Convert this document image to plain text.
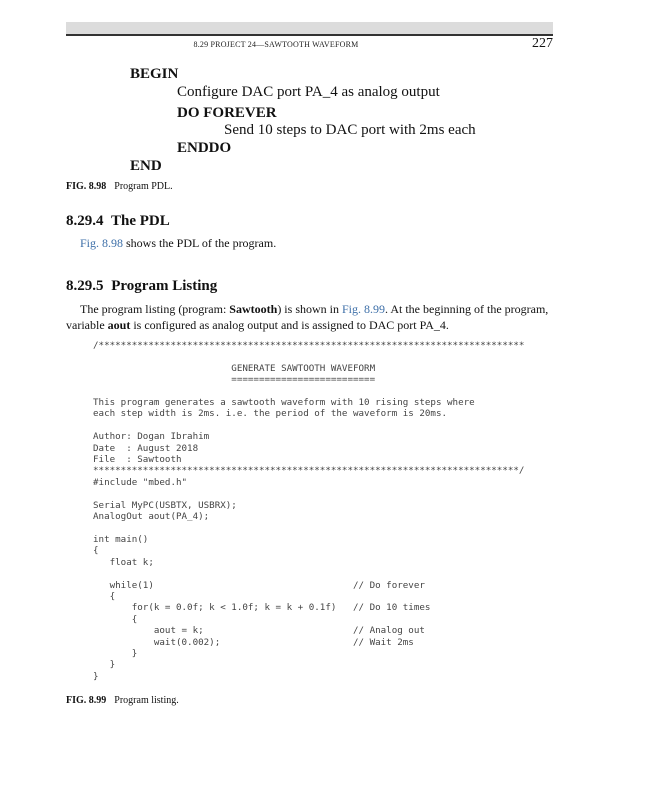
8.29 PROJECT 24—SAWTOOTH WAVEFORM	227
BEGIN
Configure DAC port PA_4 as analog output
DO FOREVER
Send 10 steps to DAC port with 2ms each
ENDDO
END
FIG. 8.98 Program PDL.
8.29.4 The PDL
Fig. 8.98 shows the PDL of the program.
8.29.5 Program Listing
The program listing (program: Sawtooth) is shown in Fig. 8.99. At the beginning of the program, variable aout is configured as analog output and is assigned to DAC port PA_4.
/*****************************************************************************

GENERATE SAWTOOTH WAVEFORM
==========================

This program generates a sawtooth waveform with 10 rising steps where
each step width is 2ms. i.e. the period of the waveform is 20ms.

Author: Dogan Ibrahim
Date  : August 2018
File  : Sawtooth
*****************************************************************************/
#include "mbed.h"

Serial MyPC(USBTX, USBRX);
AnalogOut aout(PA_4);

int main()
{
float k;

while(1)                                    // Do forever
{
for(k = 0.0f; k < 1.0f; k = k + 0.1f)   // Do 10 times
{
aout = k;                           // Analog out
wait(0.002);                        // Wait 2ms
}
}
}
FIG. 8.99 Program listing.
